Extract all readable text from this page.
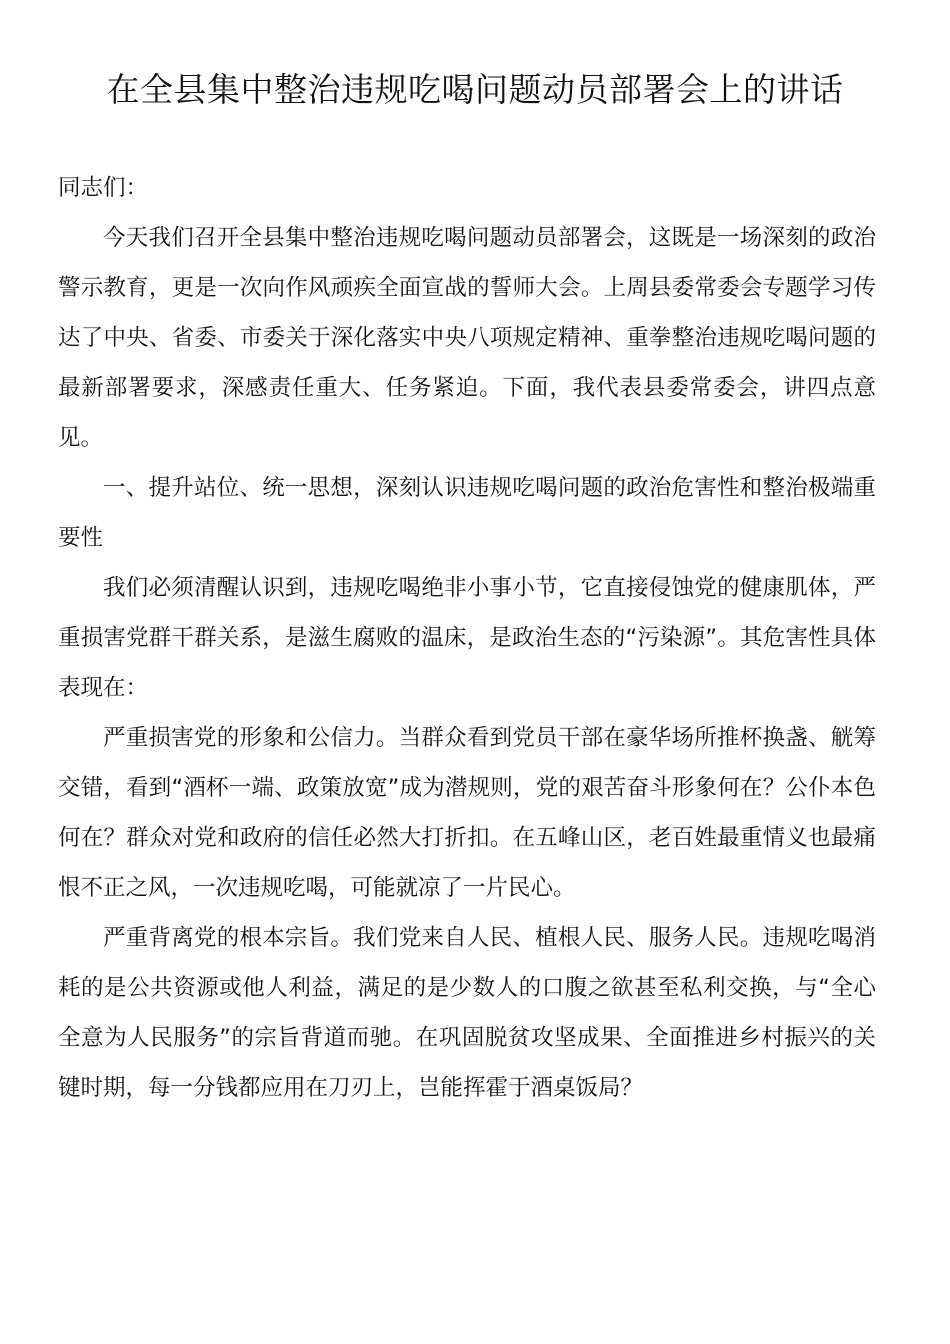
在全县集中整治违规吃喝问题动员部署会上的讲话

同志们：

今天我们召开全县集中整治违规吃喝问题动员部署会，这既是一场深刻的政治警示教育，更是一次向作风顽疾全面宣战的誓师大会。上周县委常委会专题学习传达了中央、省委、市委关于深化落实中央八项规定精神、重拳整治违规吃喝问题的最新部署要求，深感责任重大、任务紧迫。下面，我代表县委常委会，讲四点意见。

一、提升站位、统一思想，深刻认识违规吃喝问题的政治危害性和整治极端重要性

我们必须清醒认识到，违规吃喝绝非小事小节，它直接侵蚀党的健康肌体，严重损害党群干群关系，是滋生腐败的温床，是政治生态的“污染源”。其危害性具体表现在：

严重损害党的形象和公信力。当群众看到党员干部在豪华场所推杯换盏、觥筹交错，看到“酒杯一端、政策放宽”成为潜规则，党的艰苦奋斗形象何在？公仆本色何在？群众对党和政府的信任必然大打折扣。在五峰山区，老百姓最重情义也最痛恨不正之风，一次违规吃喝，可能就凉了一片民心。

严重背离党的根本宗旨。我们党来自人民、植根人民、服务人民。违规吃喝消耗的是公共资源或他人利益，满足的是少数人的口腹之欲甚至私利交换，与“全心全意为人民服务”的宗旨背道而驰。在巩固脱贫攻坚成果、全面推进乡村振兴的关键时期，每一分钱都应用在刀刃上，岂能挥霍于酒桌饭局？
